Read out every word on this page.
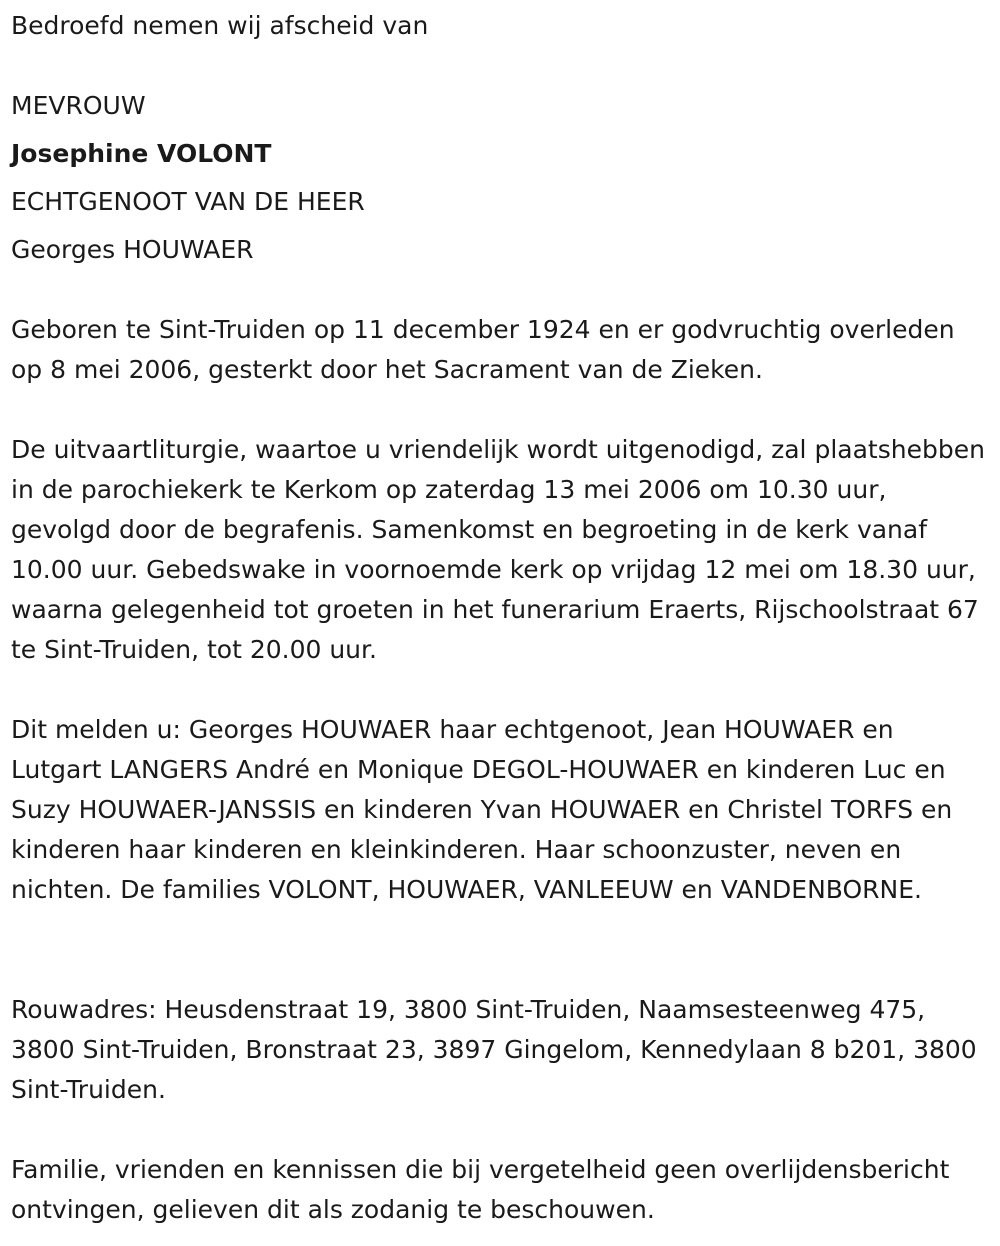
Bedroefd nemen wij afscheid van

MEVROUW

Josephine VOLONT

ECHTGENOOT VAN DE HEER

Georges HOUWAER

Geboren te Sint-Truiden op 11 december 1924 en er godvruchtig overleden op 8 mei 2006, gesterkt door het Sacrament van de Zieken.

De uitvaartliturgie, waartoe u vriendelijk wordt uitgenodigd, zal plaatshebben in de parochiekerk te Kerkom op zaterdag 13 mei 2006 om 10.30 uur, gevolgd door de begrafenis. Samenkomst en begroeting in de kerk vanaf 10.00 uur. Gebedswake in voornoemde kerk op vrijdag 12 mei om 18.30 uur, waarna gelegenheid tot groeten in het funerarium Eraerts, Rijschoolstraat 67 te Sint-Truiden, tot 20.00 uur.

Dit melden u: Georges HOUWAER haar echtgenoot, Jean HOUWAER en Lutgart LANGERS André en Monique DEGOL-HOUWAER en kinderen Luc en Suzy HOUWAER-JANSSIS en kinderen Yvan HOUWAER en Christel TORFS en kinderen haar kinderen en kleinkinderen. Haar schoonzuster, neven en nichten. De families VOLONT, HOUWAER, VANLEEUW en VANDENBORNE.

Rouwadres: Heusdenstraat 19, 3800 Sint-Truiden, Naamsesteenweg 475, 3800 Sint-Truiden, Bronstraat 23, 3897 Gingelom, Kennedylaan 8 b201, 3800 Sint-Truiden.

Familie, vrienden en kennissen die bij vergetelheid geen overlijdensbericht ontvingen, gelieven dit als zodanig te beschouwen.
